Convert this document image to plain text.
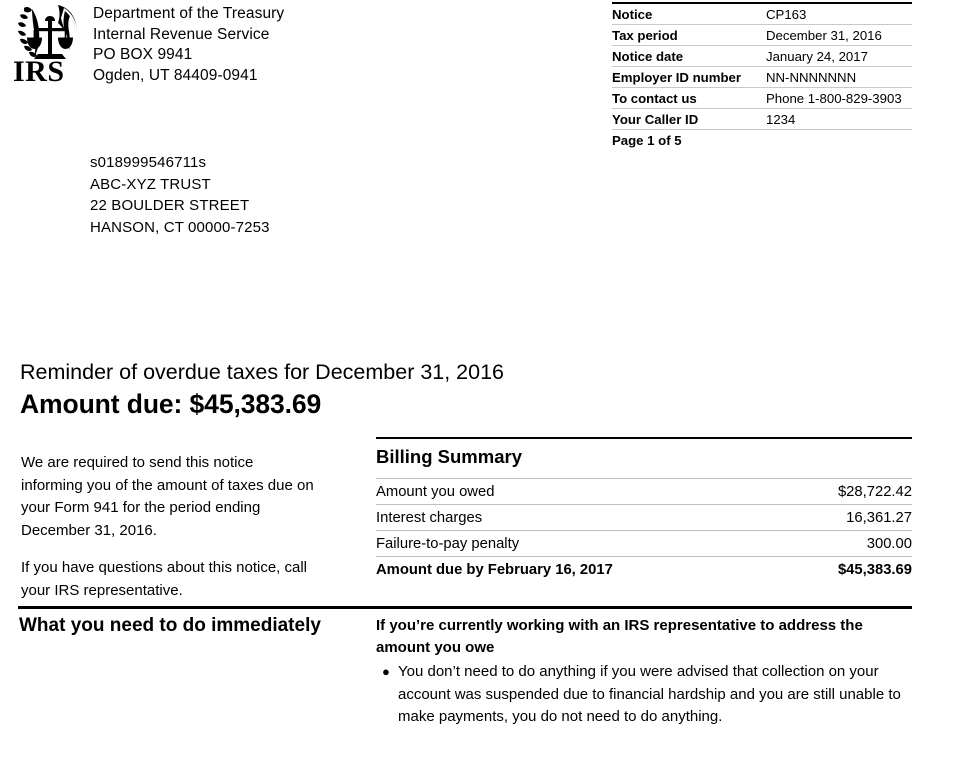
IRS
Department of the Treasury
Internal Revenue Service
PO BOX 9941
Ogden, UT 84409-0941
Notice	CP163
Tax period	December 31, 2016
Notice date	January 24, 2017
Employer ID number	NN-NNNNNNN
To contact us	Phone 1-800-829-3903
Your Caller ID	1234
Page 1 of 5	
s018999546711s
ABC-XYZ TRUST
22 BOULDER STREET
HANSON, CT 00000-7253
Reminder of overdue taxes for December 31, 2016
Amount due: $45,383.69

We are required to send this notice informing you of the amount of taxes due on your Form 941 for the period ending December 31, 2016.

If you have questions about this notice, call your IRS representative.

Billing Summary
Amount you owed	$28,722.42
Interest charges	16,361.27
Failure-to-pay penalty	300.00
Amount due by February 16, 2017	$45,383.69
What you need to do immediately	If you’re currently working with an IRS representative to address the amount you owe

● You don’t need to do anything if you were advised that collection on your account was suspended due to financial hardship and you are still unable to make payments, you do not need to do anything.
